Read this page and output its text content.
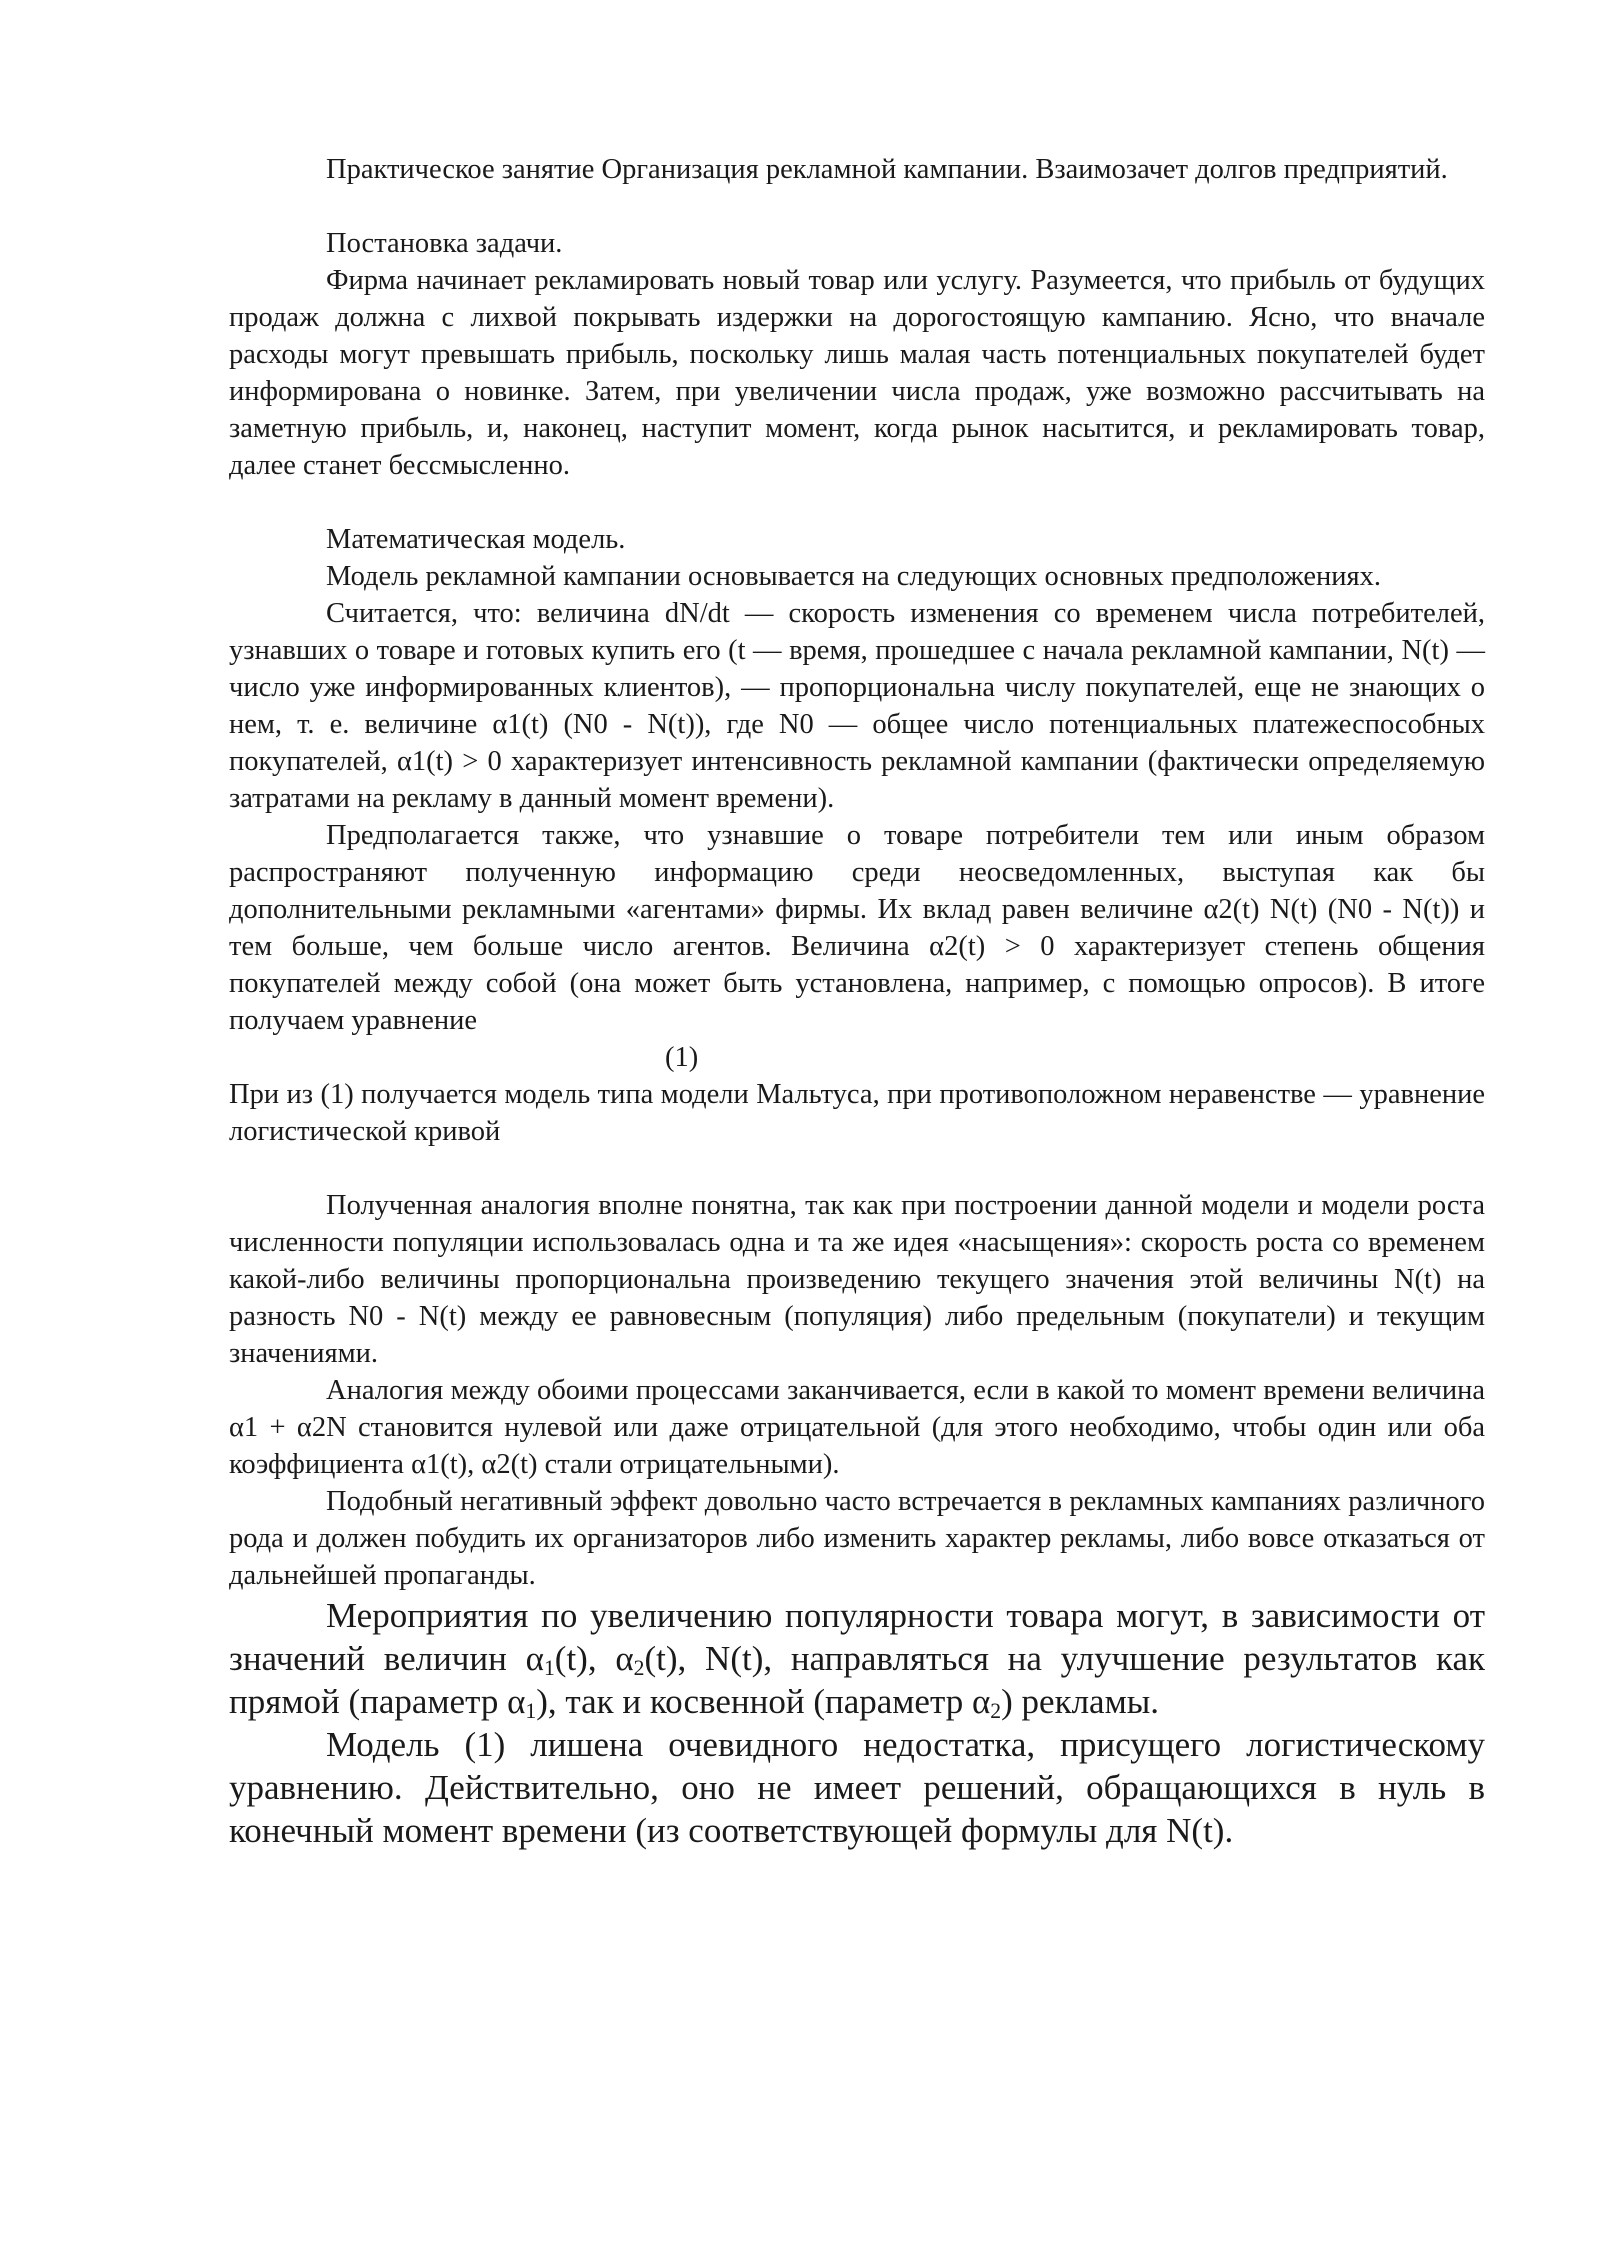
Практическое занятие Организация рекламной кампании. Взаимозачет долгов предприятий.

Постановка задачи.

Фирма начинает рекламировать новый товар или услугу. Разумеется, что прибыль от будущих продаж должна с лихвой покрывать издержки на дорогостоящую кампанию. Ясно, что вначале расходы могут превышать прибыль, поскольку лишь малая часть потенциальных покупателей будет информирована о новинке. Затем, при увеличении числа продаж, уже возможно рассчитывать на заметную прибыль, и, наконец, наступит момент, когда рынок насытится, и рекламировать товар, далее станет бессмысленно.

Математическая модель.

Модель рекламной кампании основывается на следующих основных предположениях.

Считается, что: величина dN/dt — скорость изменения со временем числа потребителей, узнавших о товаре и готовых купить его (t — время, прошедшее с начала рекламной кампании, N(t) — число уже информированных клиентов), — пропорциональна числу покупателей, еще не знающих о нем, т. е. величине α1(t) (N0 - N(t)), где N0 — общее число потенциальных платежеспособных покупателей, α1(t) > 0 характеризует интенсивность рекламной кампании (фактически определяемую затратами на рекламу в данный момент времени).

Предполагается также, что узнавшие о товаре потребители тем или иным образом распространяют полученную информацию среди неосведомленных, выступая как бы дополнительными рекламными «агентами» фирмы. Их вклад равен величине α2(t) N(t) (N0 - N(t)) и тем больше, чем больше число агентов. Величина α2(t) > 0 характеризует степень общения покупателей между собой (она может быть установлена, например, с помощью опросов). В итоге получаем уравнение

(1)

При из (1) получается модель типа модели Мальтуса, при противоположном неравенстве — уравнение логистической кривой

Полученная аналогия вполне понятна, так как при построении данной модели и модели роста численности популяции использовалась одна и та же идея «насыщения»: скорость роста со временем какой-либо величины пропорциональна произведению текущего значения этой величины N(t) на разность N0 - N(t) между ее равновесным (популяция) либо предельным (покупатели) и текущим значениями.

Аналогия между обоими процессами заканчивается, если в какой то момент времени величина α1 + α2N становится нулевой или даже отрицательной (для этого необходимо, чтобы один или оба коэффициента α1(t), α2(t) стали отрицательными).

Подобный негативный эффект довольно часто встречается в рекламных кампаниях различного рода и должен побудить их организаторов либо изменить характер рекламы, либо вовсе отказаться от дальнейшей пропаганды.

Мероприятия по увеличению популярности товара могут, в зависимости от значений величин $\alpha_1(t)$, $\alpha_2(t)$, N(t), направляться на улучшение результатов как прямой (параметр $\alpha_1$), так и косвенной (параметр $\alpha_2$) рекламы.

Модель (1) лишена очевидного недостатка, присущего логистическому уравнению. Действительно, оно не имеет решений, обращающихся в нуль в конечный момент времени (из соответствующей формулы для N(t).
